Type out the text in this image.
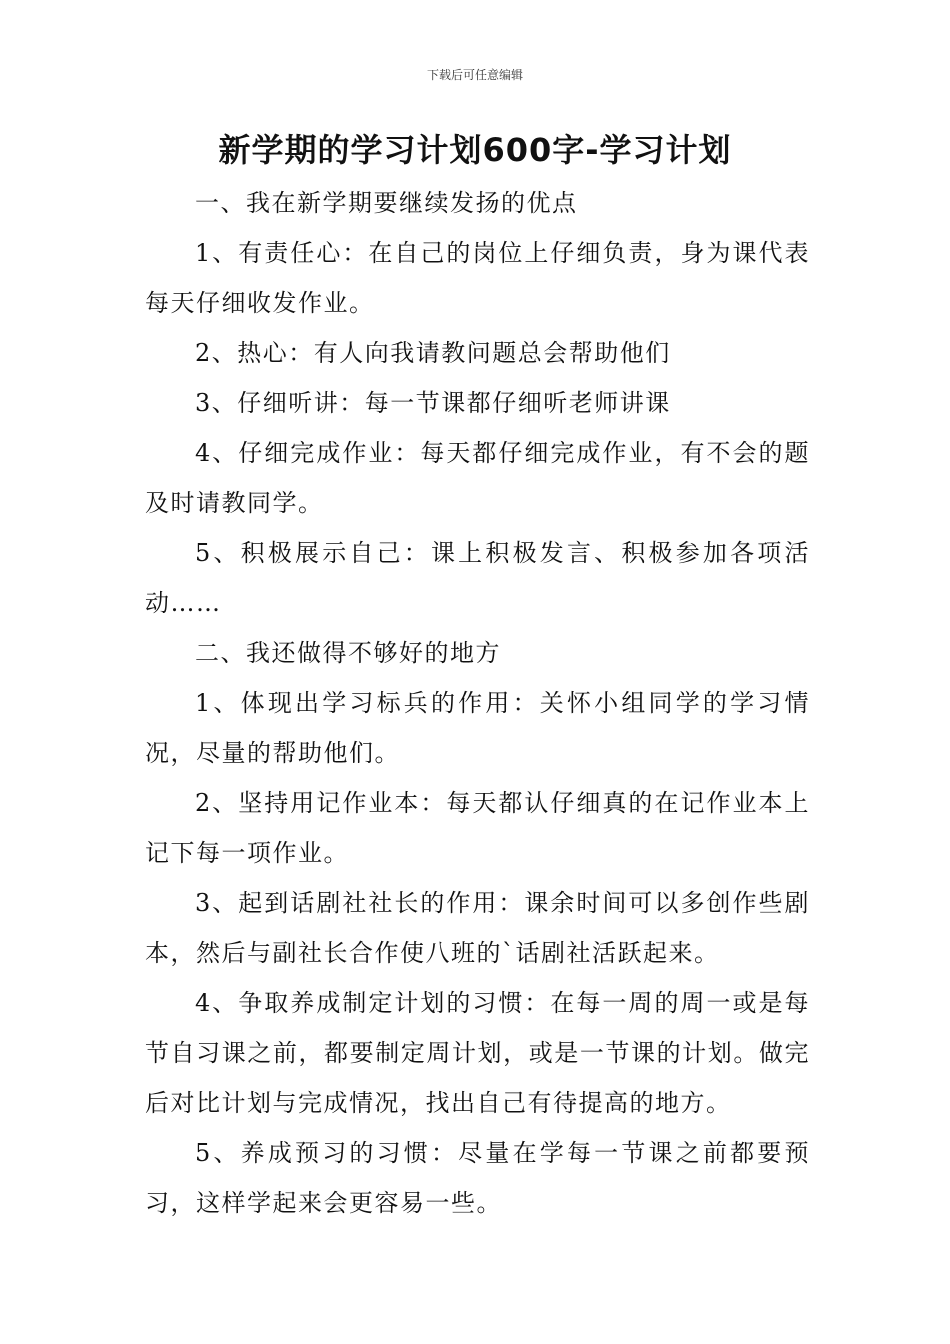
下载后可任意编辑
新学期的学习计划600字-学习计划

一、我在新学期要继续发扬的优点

1、有责任心：在自己的岗位上仔细负责，身为课代表每天仔细收发作业。

2、热心：有人向我请教问题总会帮助他们

3、仔细听讲：每一节课都仔细听老师讲课

4、仔细完成作业：每天都仔细完成作业，有不会的题及时请教同学。

5、积极展示自己：课上积极发言、积极参加各项活动……

二、我还做得不够好的地方

1、体现出学习标兵的作用：关怀小组同学的学习情况，尽量的帮助他们。

2、坚持用记作业本：每天都认仔细真的在记作业本上记下每一项作业。

3、起到话剧社社长的作用：课余时间可以多创作些剧本，然后与副社长合作使八班的`话剧社活跃起来。

4、争取养成制定计划的习惯：在每一周的周一或是每节自习课之前，都要制定周计划，或是一节课的计划。做完后对比计划与完成情况，找出自己有待提高的地方。

5、养成预习的习惯：尽量在学每一节课之前都要预习，这样学起来会更容易一些。
